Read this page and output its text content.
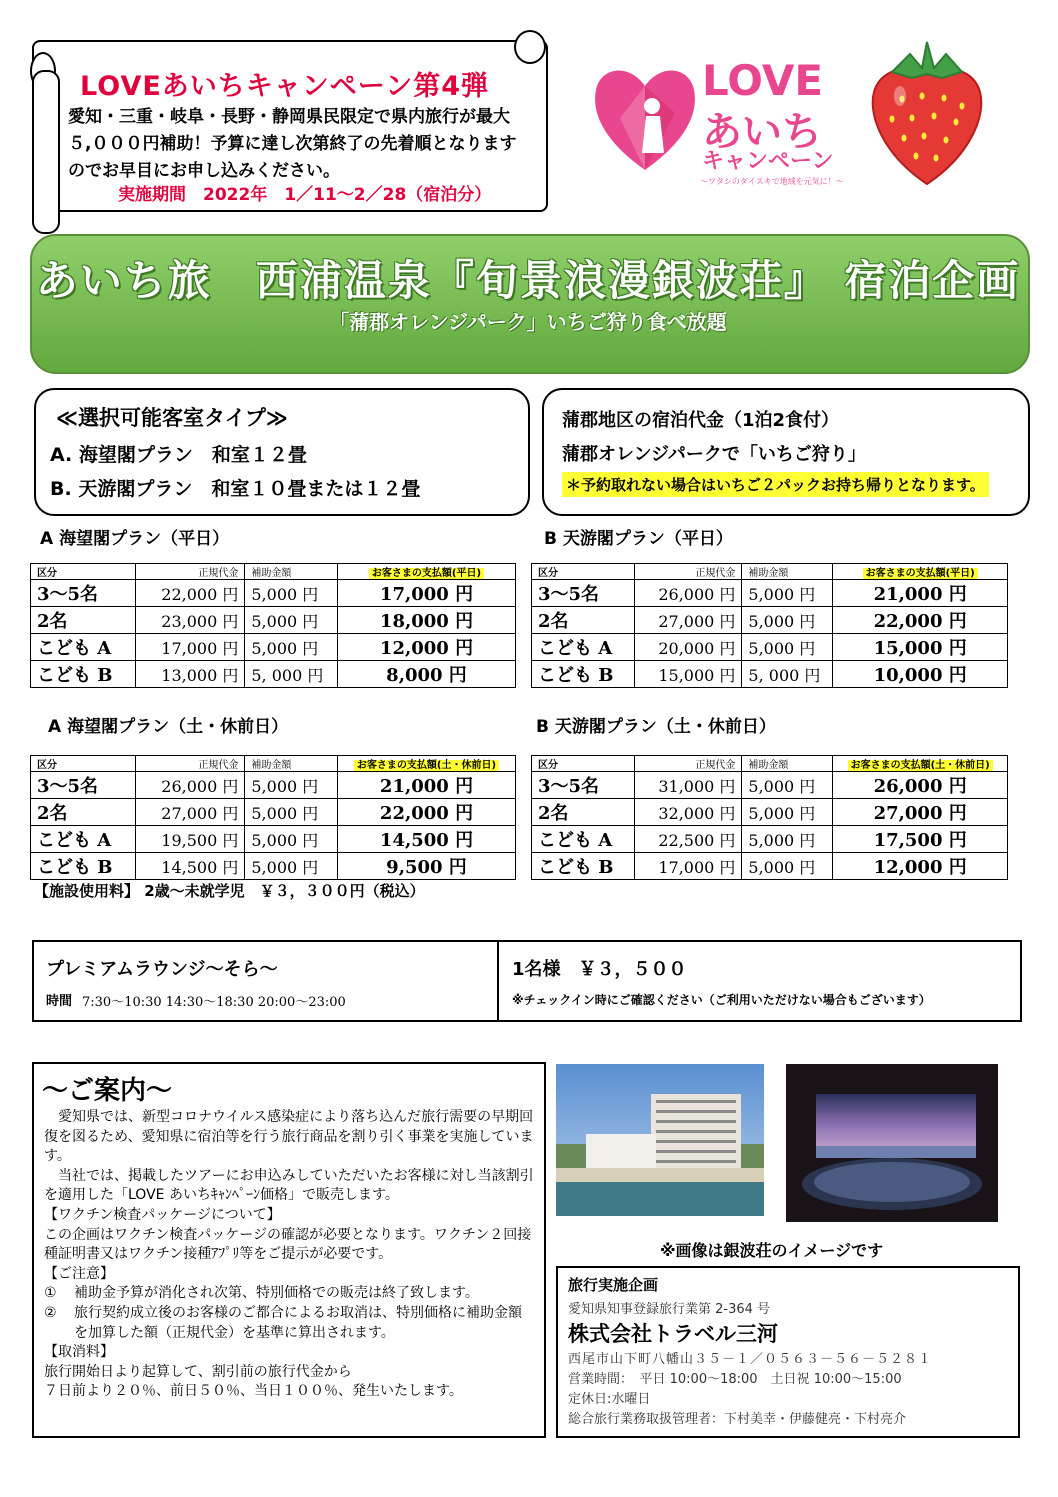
LOVEあいちキャンペーン第4弾
愛知・三重・岐阜・長野・静岡県民限定で県内旅行が最大５,０００円補助！予算に達し次第終了の先着順となりますのでお早目にお申し込みください。
実施期間　2022年　1／11～2／28（宿泊分）
LOVE
あいち
キャンペーン
〜ワタシのダイスキで地域を元気に！〜
あいち旅　西浦温泉『旬景浪漫銀波荘』 宿泊企画
「蒲郡オレンジパーク」いちご狩り食べ放題
≪選択可能客室タイプ≫
A. 海望閣プラン　和室１２畳
B. 天游閣プラン　和室１０畳または１２畳
蒲郡地区の宿泊代金（1泊2食付）
蒲郡オレンジパークで「いちご狩り」
＊予約取れない場合はいちご２パックお持ち帰りとなります。
A 海望閣プラン（平日）	B 天游閣プラン（平日）
A 海望閣プラン（土・休前日）	B 天游閣プラン（土・休前日）
区分	正規代金	補助金額	お客さまの支払額(平日)
3～5名	22,000 円	5,000 円	17,000 円
2名	23,000 円	5,000 円	18,000 円
こども A	17,000 円	5,000 円	12,000 円
こども B	13,000 円	5, 000 円	8,000 円
区分	正規代金	補助金額	お客さまの支払額(平日)
3～5名	26,000 円	5,000 円	21,000 円
2名	27,000 円	5,000 円	22,000 円
こども A	20,000 円	5,000 円	15,000 円
こども B	15,000 円	5, 000 円	10,000 円
区分	正規代金	補助金額	お客さまの支払額(土・休前日)
3～5名	26,000 円	5,000 円	21,000 円
2名	27,000 円	5,000 円	22,000 円
こども A	19,500 円	5,000 円	14,500 円
こども B	14,500 円	5,000 円	9,500 円
区分	正規代金	補助金額	お客さまの支払額(土・休前日)
3～5名	31,000 円	5,000 円	26,000 円
2名	32,000 円	5,000 円	27,000 円
こども A	22,500 円	5,000 円	17,500 円
こども B	17,000 円	5,000 円	12,000 円
【施設使用料】 2歳～未就学児　￥３，３００円（税込）
プレミアムラウンジ～そら～
時間 7:30～10:30 14:30～18:30 20:00～23:00
1名様　￥３，５００
※チェックイン時にご確認ください（ご利用いただけない場合もございます）
～ご案内～
愛知県では、新型コロナウイルス感染症により落ち込んだ旅行需要の早期回復を図るため、愛知県に宿泊等を行う旅行商品を割り引く事業を実施しています。
当社では、掲載したツアーにお申込みしていただいたお客様に対し当該割引を適用した「LOVE あいちｷｬﾝﾍﾟｰﾝ価格」で販売します。
【ワクチン検査パッケージについて】
この企画はワクチン検査パッケージの確認が必要となります。ワクチン２回接種証明書又はワクチン接種ｱﾌﾟﾘ等をご提示が必要です。
【ご注意】
①	補助金予算が消化され次第、特別価格での販売は終了致します。
②	旅行契約成立後のお客様のご都合によるお取消は、特別価格に補助金額を加算した額（正規代金）を基準に算出されます。
【取消料】
旅行開始日より起算して、割引前の旅行代金から
７日前より２０％、前日５０％、当日１００％、発生いたします。
※画像は銀波荘のイメージです
旅行実施企画
愛知県知事登録旅行業第 2-364 号
株式会社トラベル三河
西尾市山下町八幡山３５－１／０５６３－５６－５２８１
営業時間：　平日 10:00～18:00　土日祝 10:00～15:00
定休日:水曜日
総合旅行業務取扱管理者：下村美幸・伊藤健亮・下村亮介
